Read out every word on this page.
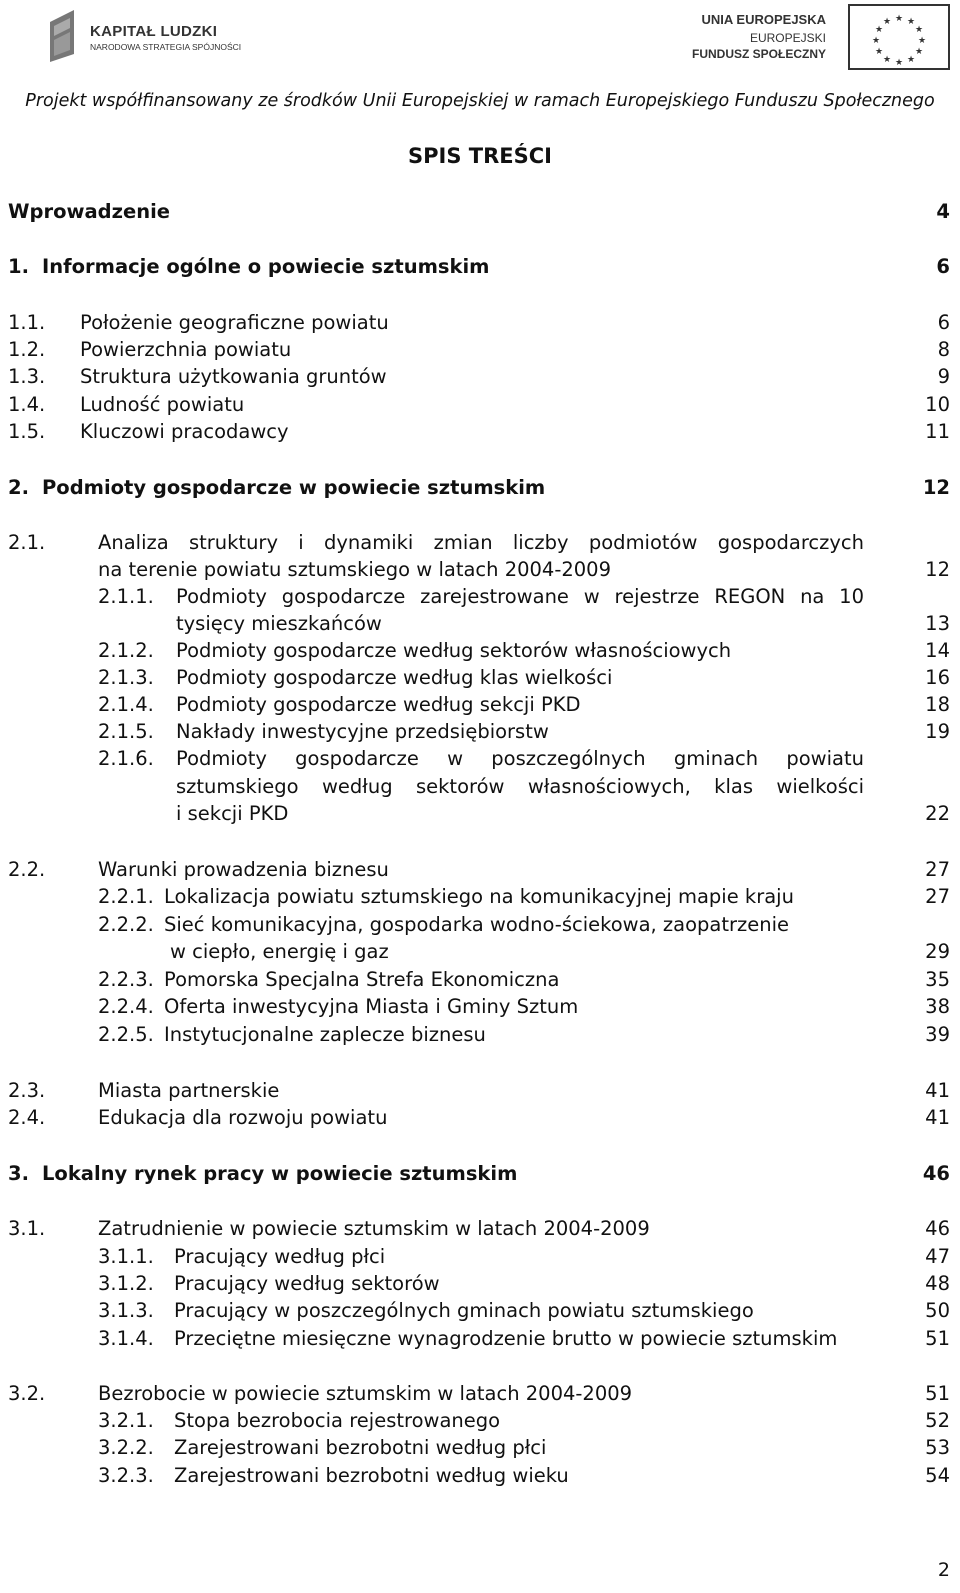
KAPITAŁ LUDZKI
NARODOWA STRATEGIA SPÓJNOŚCI
UNIA EUROPEJSKA
EUROPEJSKI
FUNDUSZ SPOŁECZNY
★ ★
★
★
★
★
★
★
★
★
★
★
Projekt współfinansowany ze środków Unii Europejskiej w ramach Europejskiego Funduszu Społecznego
SPIS TREŚCI
Wprowadzenie	4
1. Informacje ogólne o powiecie sztumskim	6
1.1. Położenie geograficzne powiatu	6
1.2. Powierzchnia powiatu	8
1.3. Struktura użytkowania gruntów	9
1.4. Ludność powiatu	10
1.5. Kluczowi pracodawcy	11
2. Podmioty gospodarcze w powiecie sztumskim	12
2.1.	Analiza struktury i dynamiki zmian liczby podmiotów gospodarczych
na terenie powiatu sztumskiego w latach 2004-2009	12
2.1.1. Podmioty gospodarcze zarejestrowane w rejestrze REGON na 10
tysięcy mieszkańców	13
2.1.2. Podmioty gospodarcze według sektorów własnościowych	14
2.1.3. Podmioty gospodarcze według klas wielkości	16
2.1.4. Podmioty gospodarcze według sekcji PKD	18
2.1.5. Nakłady inwestycyjne przedsiębiorstw	19
2.1.6. Podmioty gospodarcze w poszczególnych gminach powiatu
sztumskiego według sektorów własnościowych, klas wielkości
i sekcji PKD	22
2.2.	Warunki prowadzenia biznesu	27
2.2.1. Lokalizacja powiatu sztumskiego na komunikacyjnej mapie kraju	27
2.2.2. Sieć komunikacyjna, gospodarka wodno-ściekowa, zaopatrzenie
w ciepło, energię i gaz	29
2.2.3. Pomorska Specjalna Strefa Ekonomiczna	35
2.2.4. Oferta inwestycyjna Miasta i Gminy Sztum	38
2.2.5. Instytucjonalne zaplecze biznesu	39
2.3.	Miasta partnerskie	41
2.4.	Edukacja dla rozwoju powiatu	41
3. Lokalny rynek pracy w powiecie sztumskim	46
3.1.	Zatrudnienie w powiecie sztumskim w latach 2004-2009	46
3.1.1. Pracujący według płci	47
3.1.2. Pracujący według sektorów	48
3.1.3. Pracujący w poszczególnych gminach powiatu sztumskiego	50
3.1.4. Przeciętne miesięczne wynagrodzenie brutto w powiecie sztumskim	51
3.2.	Bezrobocie w powiecie sztumskim w latach 2004-2009	51
3.2.1. Stopa bezrobocia rejestrowanego	52
3.2.2. Zarejestrowani bezrobotni według płci	53
3.2.3. Zarejestrowani bezrobotni według wieku	54
2
